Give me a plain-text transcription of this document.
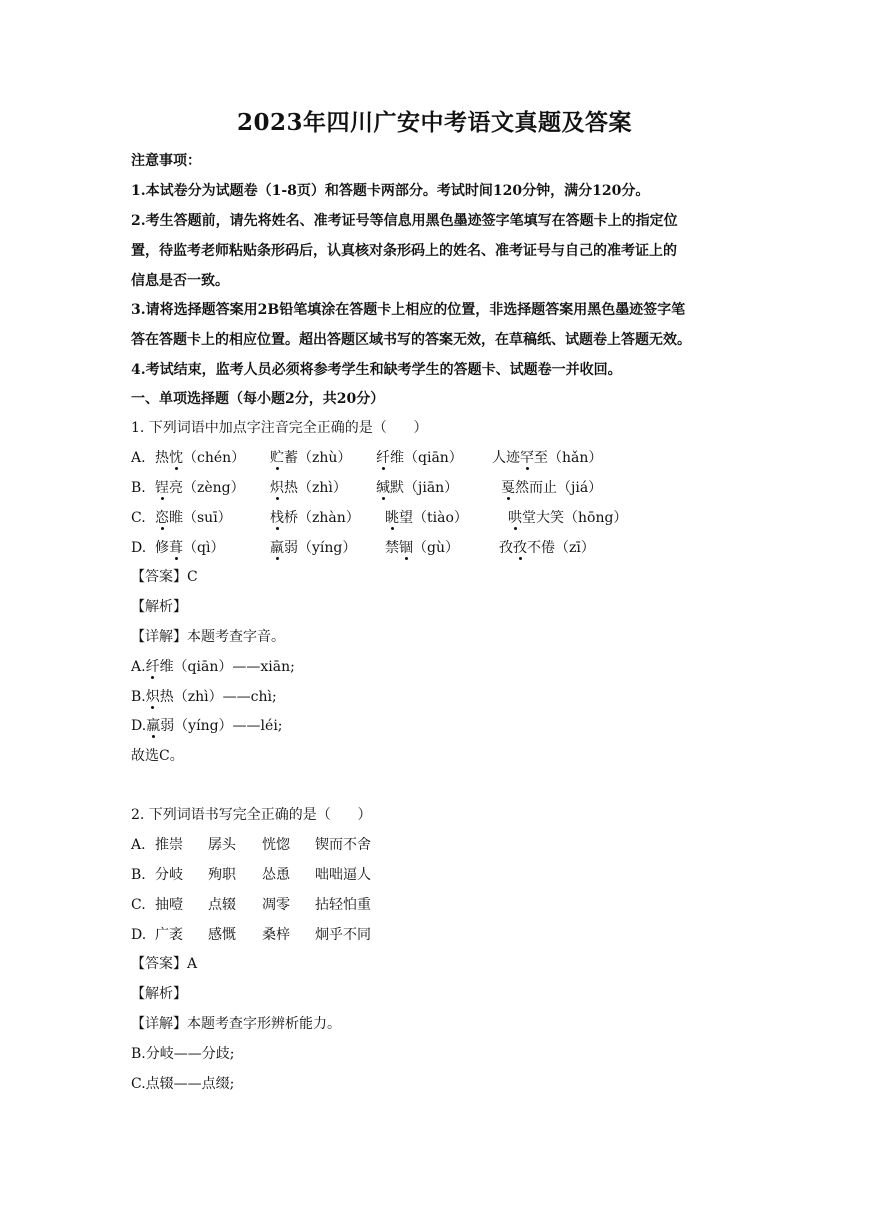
2023年四川广安中考语文真题及答案
注意事项：
1.本试卷分为试题卷（1-8页）和答题卡两部分。考试时间120分钟，满分120分。
2.考生答题前，请先将姓名、准考证号等信息用黑色墨迹签字笔填写在答题卡上的指定位
置，待监考老师粘贴条形码后，认真核对条形码上的姓名、准考证号与自己的准考证上的
信息是否一致。
3.请将选择题答案用2B铅笔填涂在答题卡上相应的位置，非选择题答案用黑色墨迹签字笔
答在答题卡上的相应位置。超出答题区域书写的答案无效，在草稿纸、试题卷上答题无效。
4.考试结束，监考人员必须将参考学生和缺考学生的答题卡、试题卷一并收回。
一、单项选择题（每小题2分，共20分）
1. 下列词语中加点字注音完全正确的是（      ）
A. 热忱（chén） 贮蓄（zhù） 纤维（qiān） 人迹罕至（hǎn）
B. 锃亮（zèng） 炽热（zhì） 缄默（jiān）	戛然而止（jiá）
C. 恣睢（suī）	栈桥（zhàn） 眺望（tiào）	哄堂大笑（hōng）
D. 修葺（qì）	羸弱（yíng） 禁锢（gù）	孜孜不倦（zī）
【答案】C
【解析】
【详解】本题考查字音。
A.纤维（qiān）——xiān;
B.炽热（zhì）——chì;
D.羸弱（yíng）——léi;
故选C。
2. 下列词语书写完全正确的是（      ）
A. 推崇 孱头 恍惚 锲而不舍
B. 分岐 殉职 怂恿 咄咄逼人
C. 抽噎 点辍 凋零 拈轻怕重
D. 广袤 感慨 桑梓 炯乎不同
【答案】A
【解析】
【详解】本题考查字形辨析能力。
B.分岐——分歧;
C.点辍——点缀;
